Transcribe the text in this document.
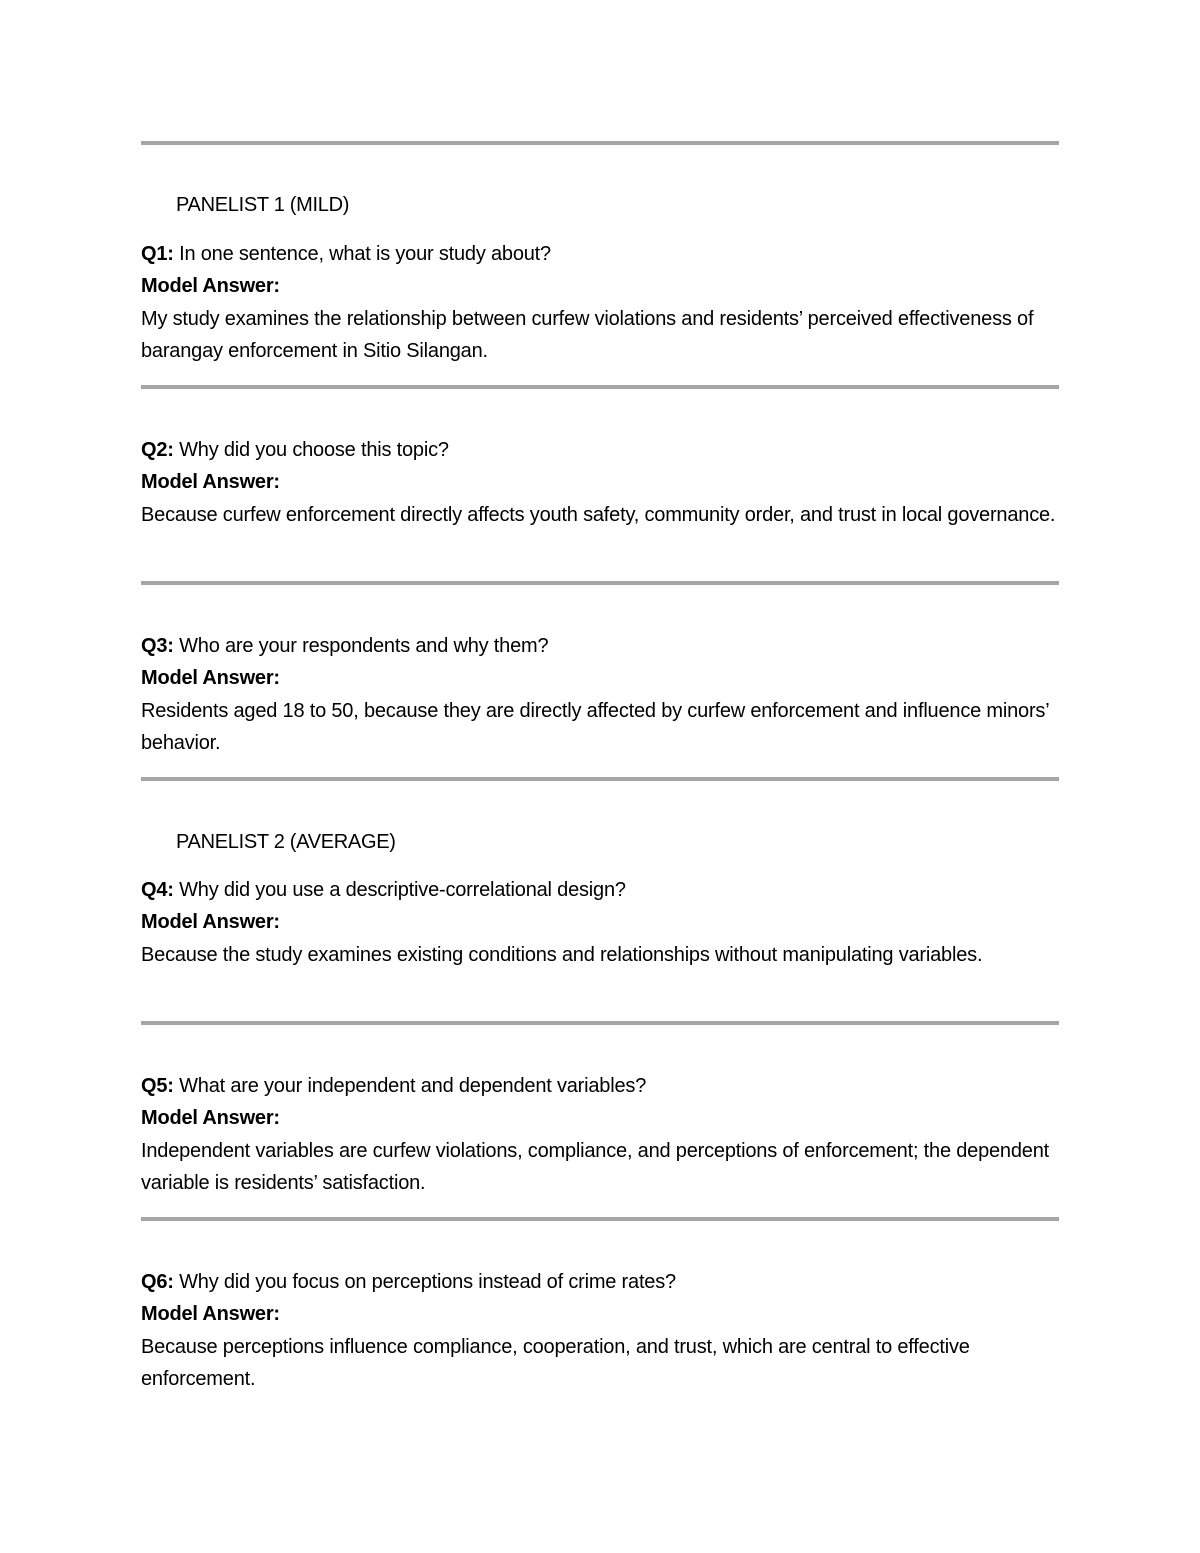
PANELIST 1 (MILD)
Q1: In one sentence, what is your study about?
Model Answer:
My study examines the relationship between curfew violations and residents’ perceived effectiveness of barangay enforcement in Sitio Silangan.
Q2: Why did you choose this topic?
Model Answer:
Because curfew enforcement directly affects youth safety, community order, and trust in local governance.
Q3: Who are your respondents and why them?
Model Answer:
Residents aged 18 to 50, because they are directly affected by curfew enforcement and influence minors’ behavior.
PANELIST 2 (AVERAGE)
Q4: Why did you use a descriptive-correlational design?
Model Answer:
Because the study examines existing conditions and relationships without manipulating variables.
Q5: What are your independent and dependent variables?
Model Answer:
Independent variables are curfew violations, compliance, and perceptions of enforcement; the dependent variable is residents’ satisfaction.
Q6: Why did you focus on perceptions instead of crime rates?
Model Answer:
Because perceptions influence compliance, cooperation, and trust, which are central to effective enforcement.
